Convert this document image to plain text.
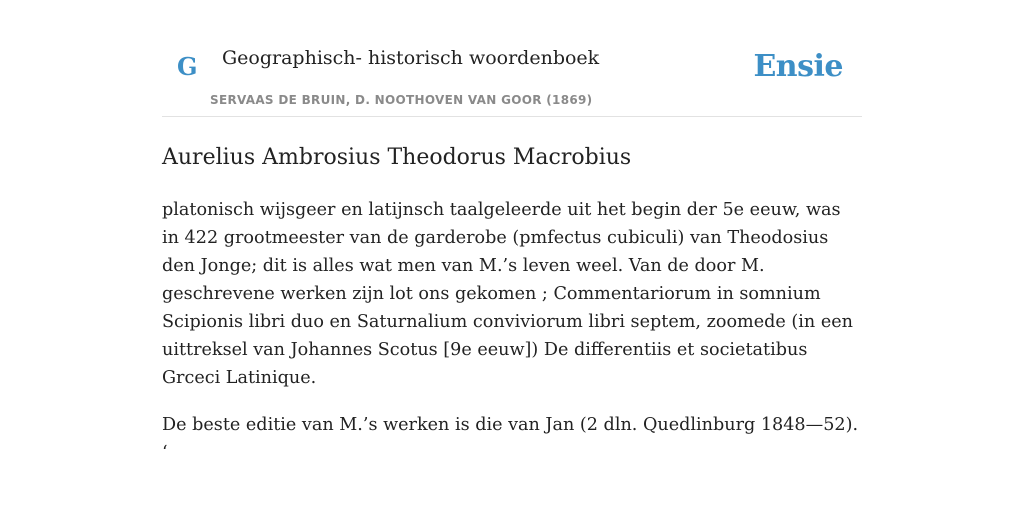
G Geographisch- historisch woordenboek
SERVAAS DE BRUIN, D. NOOTHOVEN VAN GOOR (1869)
Ensie
Aurelius Ambrosius Theodorus Macrobius

platonisch wijsgeer en latijnsch taalgeleerde uit het begin der 5e eeuw, was in 422 grootmeester van de garderobe (pmfectus cubiculi) van Theodosius den Jonge; dit is alles wat men van M.’s leven weel. Van de door M. geschrevene werken zijn lot ons gekomen ; Commentariorum in somnium Scipionis libri duo en Saturnalium conviviorum libri septem, zoomede (in een uittreksel van Johannes Scotus [9e eeuw]) De differentiis et societatibus Grceci Latinique.

De beste editie van M.’s werken is die van Jan (2 dln. Quedlinburg 1848—52). ‘
